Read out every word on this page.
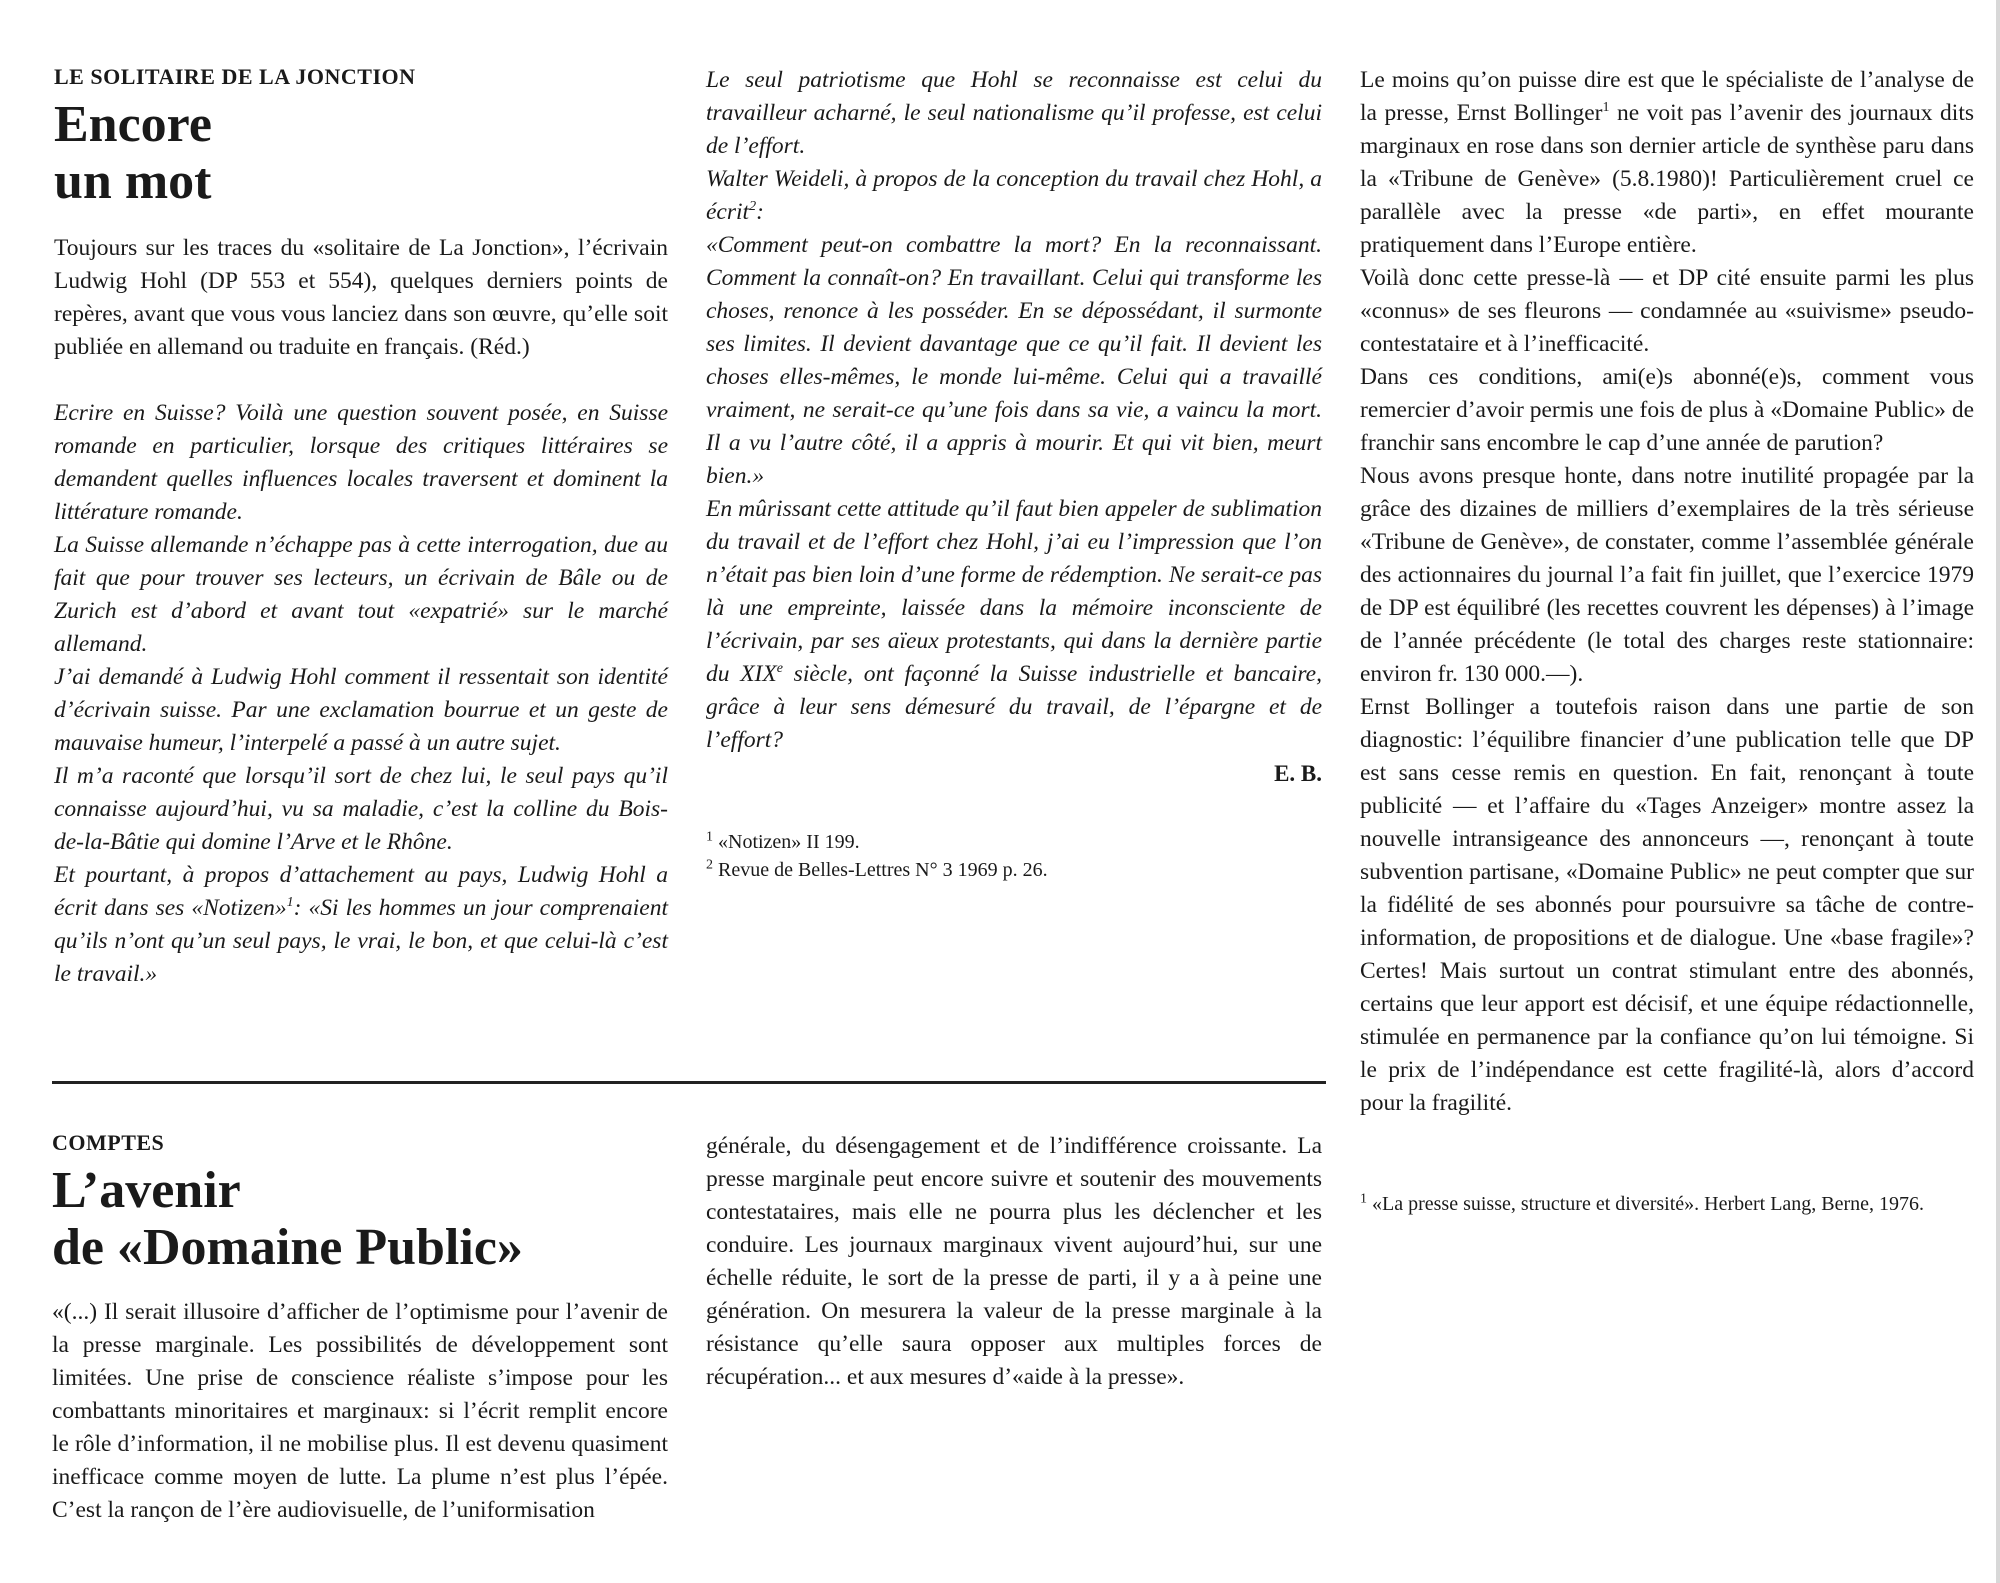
LE SOLITAIRE DE LA JONCTION
Encore
un mot

Toujours sur les traces du «solitaire de La Jonction», l’écrivain Ludwig Hohl (DP 553 et 554), quelques derniers points de repères, avant que vous vous lanciez dans son œuvre, qu’elle soit publiée en allemand ou traduite en français. (Réd.)

Ecrire en Suisse? Voilà une question souvent posée, en Suisse romande en particulier, lorsque des critiques littéraires se demandent quelles influences locales traversent et dominent la littérature romande.

La Suisse allemande n’échappe pas à cette interrogation, due au fait que pour trouver ses lecteurs, un écrivain de Bâle ou de Zurich est d’abord et avant tout «expatrié» sur le marché allemand.

J’ai demandé à Ludwig Hohl comment il ressentait son identité d’écrivain suisse. Par une exclamation bourrue et un geste de mauvaise humeur, l’interpelé a passé à un autre sujet.

Il m’a raconté que lorsqu’il sort de chez lui, le seul pays qu’il connaisse aujourd’hui, vu sa maladie, c’est la colline du Bois-de-la-Bâtie qui domine l’Arve et le Rhône.

Et pourtant, à propos d’attachement au pays, Ludwig Hohl a écrit dans ses «Notizen»$^1$: «Si les hommes un jour comprenaient qu’ils n’ont qu’un seul pays, le vrai, le bon, et que celui-là c’est le travail.»

Le seul patriotisme que Hohl se reconnaisse est celui du travailleur acharné, le seul nationalisme qu’il professe, est celui de l’effort.

Walter Weideli, à propos de la conception du travail chez Hohl, a écrit$^2$:

«Comment peut-on combattre la mort? En la reconnaissant. Comment la connaît-on? En travaillant. Celui qui transforme les choses, renonce à les posséder. En se dépossédant, il surmonte ses limites. Il devient davantage que ce qu’il fait. Il devient les choses elles-mêmes, le monde lui-même. Celui qui a travaillé vraiment, ne serait-ce qu’une fois dans sa vie, a vaincu la mort. Il a vu l’autre côté, il a appris à mourir. Et qui vit bien, meurt bien.»

En mûrissant cette attitude qu’il faut bien appeler de sublimation du travail et de l’effort chez Hohl, j’ai eu l’impression que l’on n’était pas bien loin d’une forme de rédemption. Ne serait-ce pas là une empreinte, laissée dans la mémoire inconsciente de l’écrivain, par ses aïeux protestants, qui dans la dernière partie du XIXe siècle, ont façonné la Suisse industrielle et bancaire, grâce à leur sens démesuré du travail, de l’épargne et de l’effort?

E. B.

$^1$ «Notizen» II 199.

$^2$ Revue de Belles-Lettres N° 3 1969 p. 26.

COMPTES
L’avenir
de «Domaine Public»

«(...) Il serait illusoire d’afficher de l’optimisme pour l’avenir de la presse marginale. Les possibilités de développement sont limitées. Une prise de conscience réaliste s’impose pour les combattants minoritaires et marginaux: si l’écrit remplit encore le rôle d’information, il ne mobilise plus. Il est devenu quasiment inefficace comme moyen de lutte. La plume n’est plus l’épée. C’est la rançon de l’ère audiovisuelle, de l’uniformisation

générale, du désengagement et de l’indifférence croissante. La presse marginale peut encore suivre et soutenir des mouvements contestataires, mais elle ne pourra plus les déclencher et les conduire. Les journaux marginaux vivent aujourd’hui, sur une échelle réduite, le sort de la presse de parti, il y a à peine une génération. On mesurera la valeur de la presse marginale à la résistance qu’elle saura opposer aux multiples forces de récupération... et aux mesures d’«aide à la presse».

Le moins qu’on puisse dire est que le spécialiste de l’analyse de la presse, Ernst Bollinger$^1$ ne voit pas l’avenir des journaux dits marginaux en rose dans son dernier article de synthèse paru dans la «Tribune de Genève» (5.8.1980)! Particulièrement cruel ce parallèle avec la presse «de parti», en effet mourante pratiquement dans l’Europe entière.

Voilà donc cette presse-là — et DP cité ensuite parmi les plus «connus» de ses fleurons — condamnée au «suivisme» pseudo-contestataire et à l’inefficacité.

Dans ces conditions, ami(e)s abonné(e)s, comment vous remercier d’avoir permis une fois de plus à «Domaine Public» de franchir sans encombre le cap d’une année de parution?

Nous avons presque honte, dans notre inutilité propagée par la grâce des dizaines de milliers d’exemplaires de la très sérieuse «Tribune de Genève», de constater, comme l’assemblée générale des actionnaires du journal l’a fait fin juillet, que l’exercice 1979 de DP est équilibré (les recettes couvrent les dépenses) à l’image de l’année précédente (le total des charges reste stationnaire: environ fr. 130 000.—).

Ernst Bollinger a toutefois raison dans une partie de son diagnostic: l’équilibre financier d’une publication telle que DP est sans cesse remis en question. En fait, renonçant à toute publicité — et l’affaire du «Tages Anzeiger» montre assez la nouvelle intransigeance des annonceurs —, renonçant à toute subvention partisane, «Domaine Public» ne peut compter que sur la fidélité de ses abonnés pour poursuivre sa tâche de contre-information, de propositions et de dialogue. Une «base fragile»? Certes! Mais surtout un contrat stimulant entre des abonnés, certains que leur apport est décisif, et une équipe rédactionnelle, stimulée en permanence par la confiance qu’on lui témoigne. Si le prix de l’indépendance est cette fragilité-là, alors d’accord pour la fragilité.

$^1$ «La presse suisse, structure et diversité». Herbert Lang, Berne, 1976.
